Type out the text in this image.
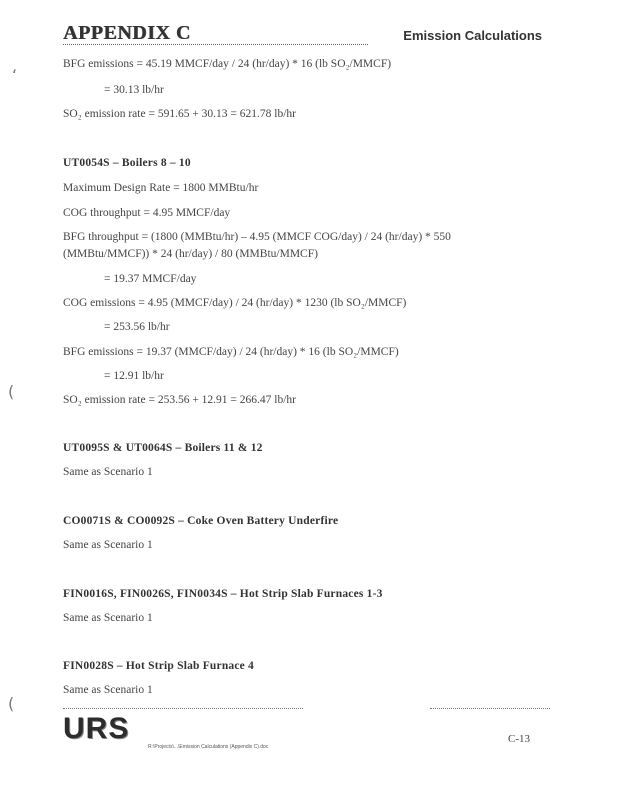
APPENDIX C	Emission Calculations
ʻ
(
(
BFG emissions = 45.19 MMCF/day / 24 (hr/day) * 16 (lb SO₂/MMCF)
= 30.13 lb/hr
SO₂ emission rate = 591.65 + 30.13 = 621.78 lb/hr
UT0054S – Boilers 8 – 10
Maximum Design Rate = 1800 MMBtu/hr
COG throughput = 4.95 MMCF/day
BFG throughput = (1800 (MMBtu/hr) – 4.95 (MMCF COG/day) / 24 (hr/day) * 550
(MMBtu/MMCF)) * 24 (hr/day) / 80 (MMBtu/MMCF)
= 19.37 MMCF/day
COG emissions = 4.95 (MMCF/day) / 24 (hr/day) * 1230 (lb SO₂/MMCF)
= 253.56 lb/hr
BFG emissions = 19.37 (MMCF/day) / 24 (hr/day) * 16 (lb SO₂/MMCF)
= 12.91 lb/hr
SO₂ emission rate = 253.56 + 12.91 = 266.47 lb/hr
UT0095S & UT0064S – Boilers 11 & 12
Same as Scenario 1
CO0071S & CO0092S – Coke Oven Battery Underfire
Same as Scenario 1
FIN0016S, FIN0026S, FIN0034S – Hot Strip Slab Furnaces 1-3
Same as Scenario 1
FIN0028S – Hot Strip Slab Furnace 4
Same as Scenario 1
URS	C-13
R:\Projects\...\Emission Calculations (Appendix C).doc
